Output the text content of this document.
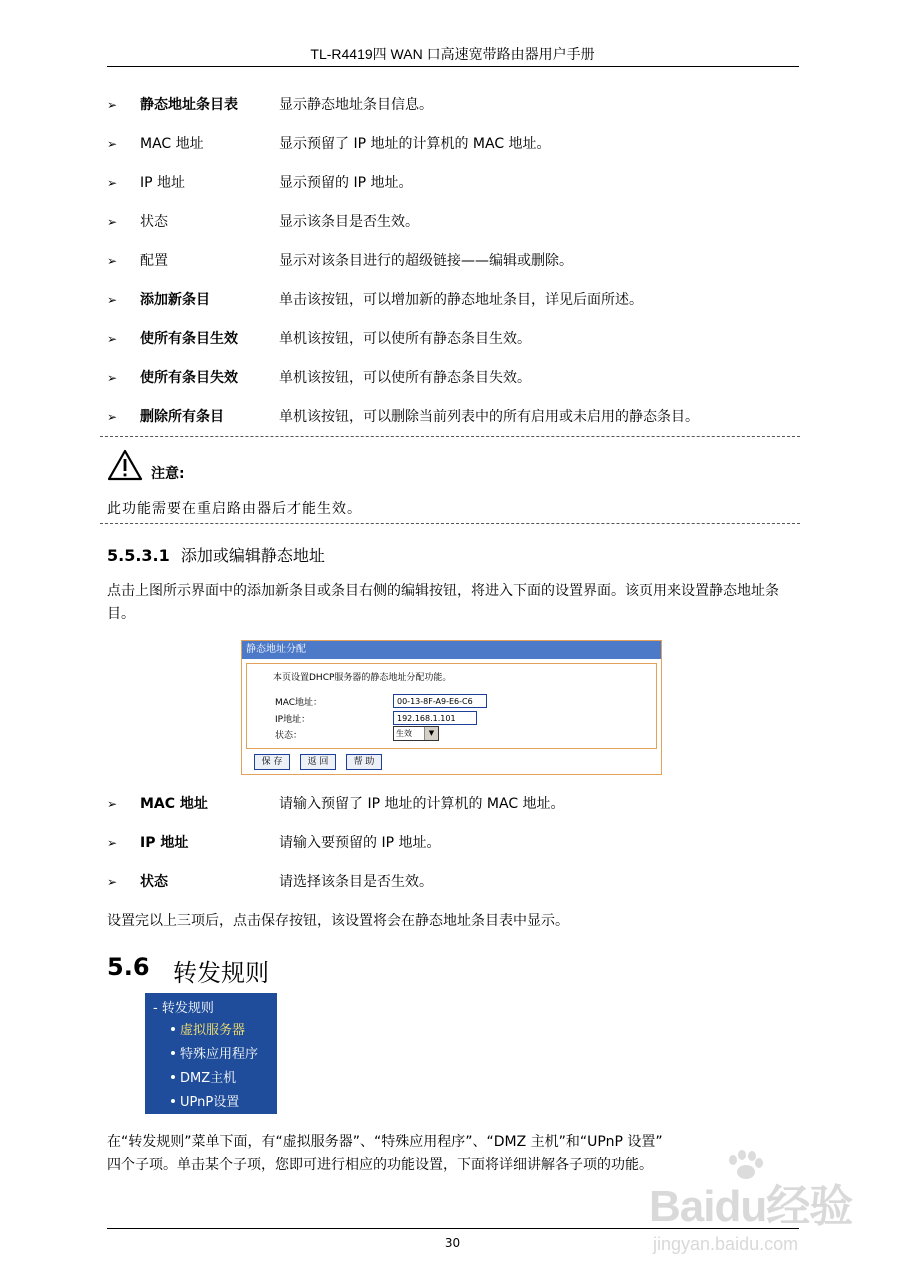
TL-R4419四 WAN 口高速宽带路由器用户手册
➢	静态地址条目表	显示静态地址条目信息。
➢	MAC 地址	显示预留了 IP 地址的计算机的 MAC 地址。
➢	IP 地址	显示预留的 IP 地址。
➢	状态	显示该条目是否生效。
➢	配置	显示对该条目进行的超级链接——编辑或删除。
➢	添加新条目	单击该按钮，可以增加新的静态地址条目，详见后面所述。
➢	使所有条目生效	单机该按钮，可以使所有静态条目生效。
➢	使所有条目失效	单机该按钮，可以使所有静态条目失效。
➢	删除所有条目	单机该按钮，可以删除当前列表中的所有启用或未启用的静态条目。
注意:
此功能需要在重启路由器后才能生效。
5.5.3.1 添加或编辑静态地址
点击上图所示界面中的添加新条目或条目右侧的编辑按钮，将进入下面的设置界面。该页用来设置静态地址条目。
静态地址分配
本页设置DHCP服务器的静态地址分配功能。
MAC地址：	00-13-8F-A9-E6-C6
IP地址：	192.168.1.101
状态：	生效	▼
保 存	返 回	帮 助
➢	MAC 地址	请输入预留了 IP 地址的计算机的 MAC 地址。
➢	IP 地址	请输入要预留的 IP 地址。
➢	状态	请选择该条目是否生效。
设置完以上三项后，点击保存按钮，该设置将会在静态地址条目表中显示。
5.6 转发规则
- 转发规则
虚拟服务器
特殊应用程序
DMZ主机
UPnP设置
在“转发规则”菜单下面，有“虚拟服务器”、“特殊应用程序”、“DMZ 主机”和“UPnP 设置”
四个子项。单击某个子项，您即可进行相应的功能设置，下面将详细讲解各子项的功能。
Baidu经验
jingyan.baidu.com
30
